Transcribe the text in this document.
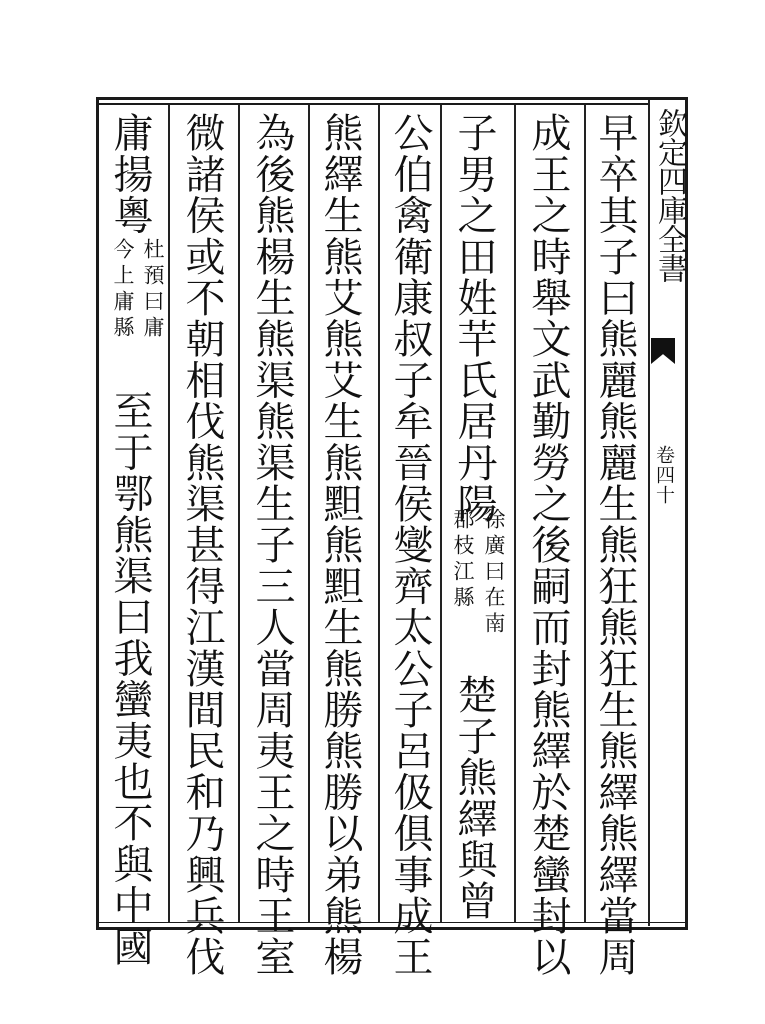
欽定四庫全書
卷四十
早卒其子曰熊麗熊麗生熊狂熊狂生熊繹熊繹當周
成王之時舉文武勤勞之後嗣而封熊繹於楚蠻封以
子男之田姓芉氏居丹陽
徐廣曰在南
郡枝江縣
楚子熊繹與曾
公伯禽衛康叔子牟晉侯燮齊太公子呂伋俱事成王
熊繹生熊艾熊艾生熊䵣熊䵣生熊勝熊勝以弟熊楊
為後熊楊生熊渠熊渠生子三人當周夷王之時王室
微諸侯或不朝相伐熊渠甚得江漢間民和乃興兵伐
庸揚粵
杜預曰庸
今上庸縣
至于鄂熊渠曰我蠻夷也不與中國
